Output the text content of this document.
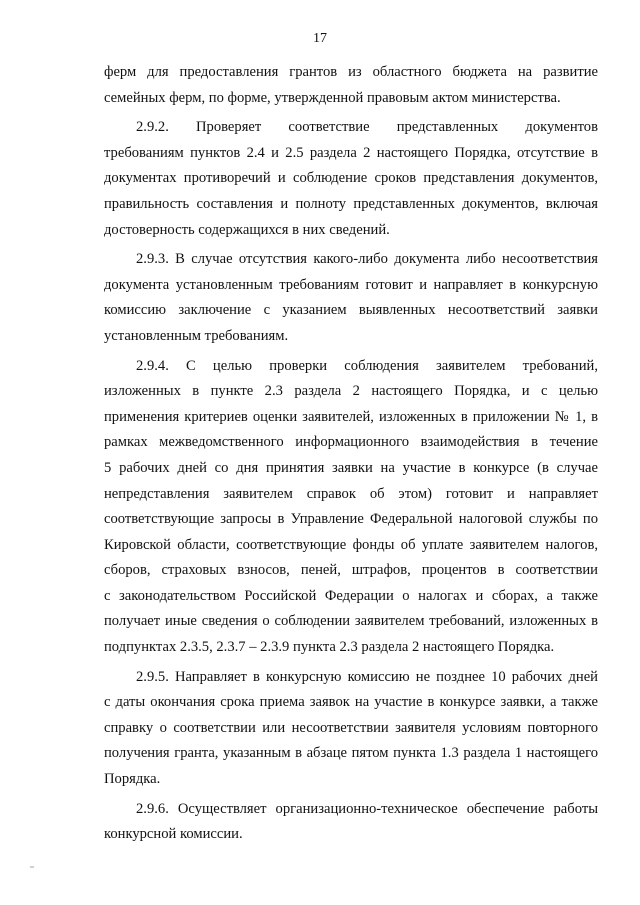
17
ферм для предоставления грантов из областного бюджета на развитие
семейных ферм, по форме, утвержденной правовым актом министерства.
2.9.2. Проверяет соответствие представленных документов
требованиям пунктов 2.4 и 2.5 раздела 2 настоящего Порядка, отсутствие в
документах противоречий и соблюдение сроков представления документов,
правильность составления и полноту представленных документов, включая
достоверность содержащихся в них сведений.
2.9.3. В случае отсутствия какого-либо документа либо несоответствия
документа установленным требованиям готовит и направляет в конкурсную
комиссию заключение с указанием выявленных несоответствий заявки
установленным требованиям.
2.9.4. С целью проверки соблюдения заявителем требований,
изложенных в пункте 2.3 раздела 2 настоящего Порядка, и с целью
применения критериев оценки заявителей, изложенных в приложении № 1, в
рамках межведомственного информационного взаимодействия в течение
5 рабочих дней со дня принятия заявки на участие в конкурсе (в случае
непредставления заявителем справок об этом) готовит и направляет
соответствующие запросы в Управление Федеральной налоговой службы по
Кировской области, соответствующие фонды об уплате заявителем налогов,
сборов, страховых взносов, пеней, штрафов, процентов в соответствии
с законодательством Российской Федерации о налогах и сборах, а также
получает иные сведения о соблюдении заявителем требований, изложенных в
подпунктах 2.3.5, 2.3.7 – 2.3.9 пункта 2.3 раздела 2 настоящего Порядка.
2.9.5. Направляет в конкурсную комиссию не позднее 10 рабочих дней
с даты окончания срока приема заявок на участие в конкурсе заявки, а также
справку о соответствии или несоответствии заявителя условиям повторного
получения гранта, указанным в абзаце пятом пункта 1.3 раздела 1 настоящего
Порядка.
2.9.6. Осуществляет организационно-техническое обеспечение работы
конкурсной комиссии.
